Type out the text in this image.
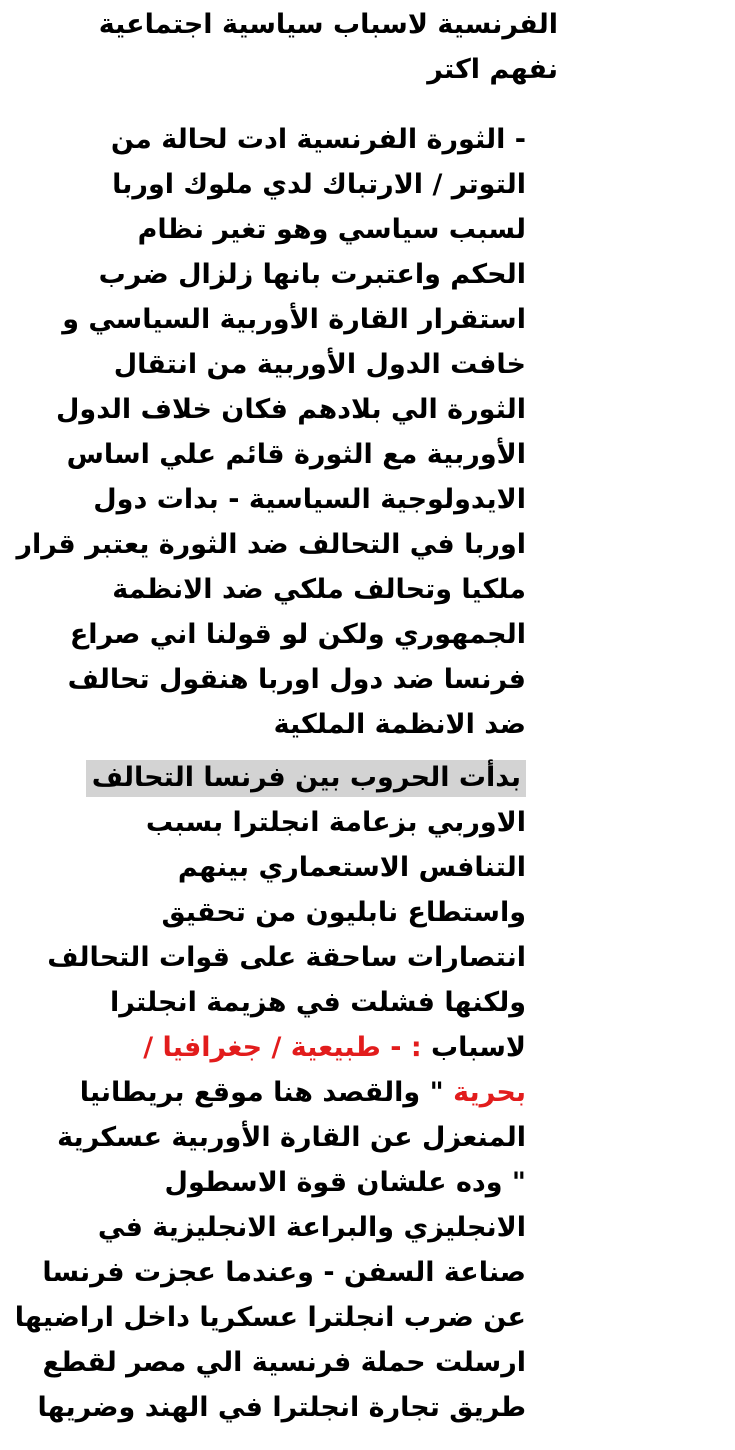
الفرنسية لاسباب سياسية اجتماعية
نفهم اكتر
- الثورة الفرنسية ادت لحالة من
التوتر / الارتباك لدي ملوك اوربا
لسبب سياسي وهو تغير نظام
الحكم واعتبرت بانها زلزال ضرب
استقرار القارة الأوربية السياسي و
خافت الدول الأوربية من انتقال
الثورة الي بلادهم فكان خلاف الدول
الأوربية مع الثورة قائم علي اساس
الايدولوجية السياسية - بدات دول
اوربا في التحالف ضد الثورة يعتبر قرار
ملكيا وتحالف ملكي ضد الانظمة
الجمهوري ولكن لو قولنا اني صراع
فرنسا ضد دول اوربا هنقول تحالف
ضد الانظمة الملكية
بدأت الحروب بين فرنسا التحالف
الاوربي بزعامة انجلترا بسبب
التنافس الاستعماري بينهم
واستطاع نابليون من تحقيق
انتصارات ساحقة على قوات التحالف
ولكنها فشلت في هزيمة انجلترا
لاسباب : - طبيعية / جغرافيا /
بحرية " والقصد هنا موقع بريطانيا
المنعزل عن القارة الأوربية عسكرية
" وده علشان قوة الاسطول
الانجليزي والبراعة الانجليزية في
صناعة السفن - وعندما عجزت فرنسا
عن ضرب انجلترا عسكريا داخل اراضيها
ارسلت حملة فرنسية الي مصر لقطع
طريق تجارة انجلترا في الهند وضريها
